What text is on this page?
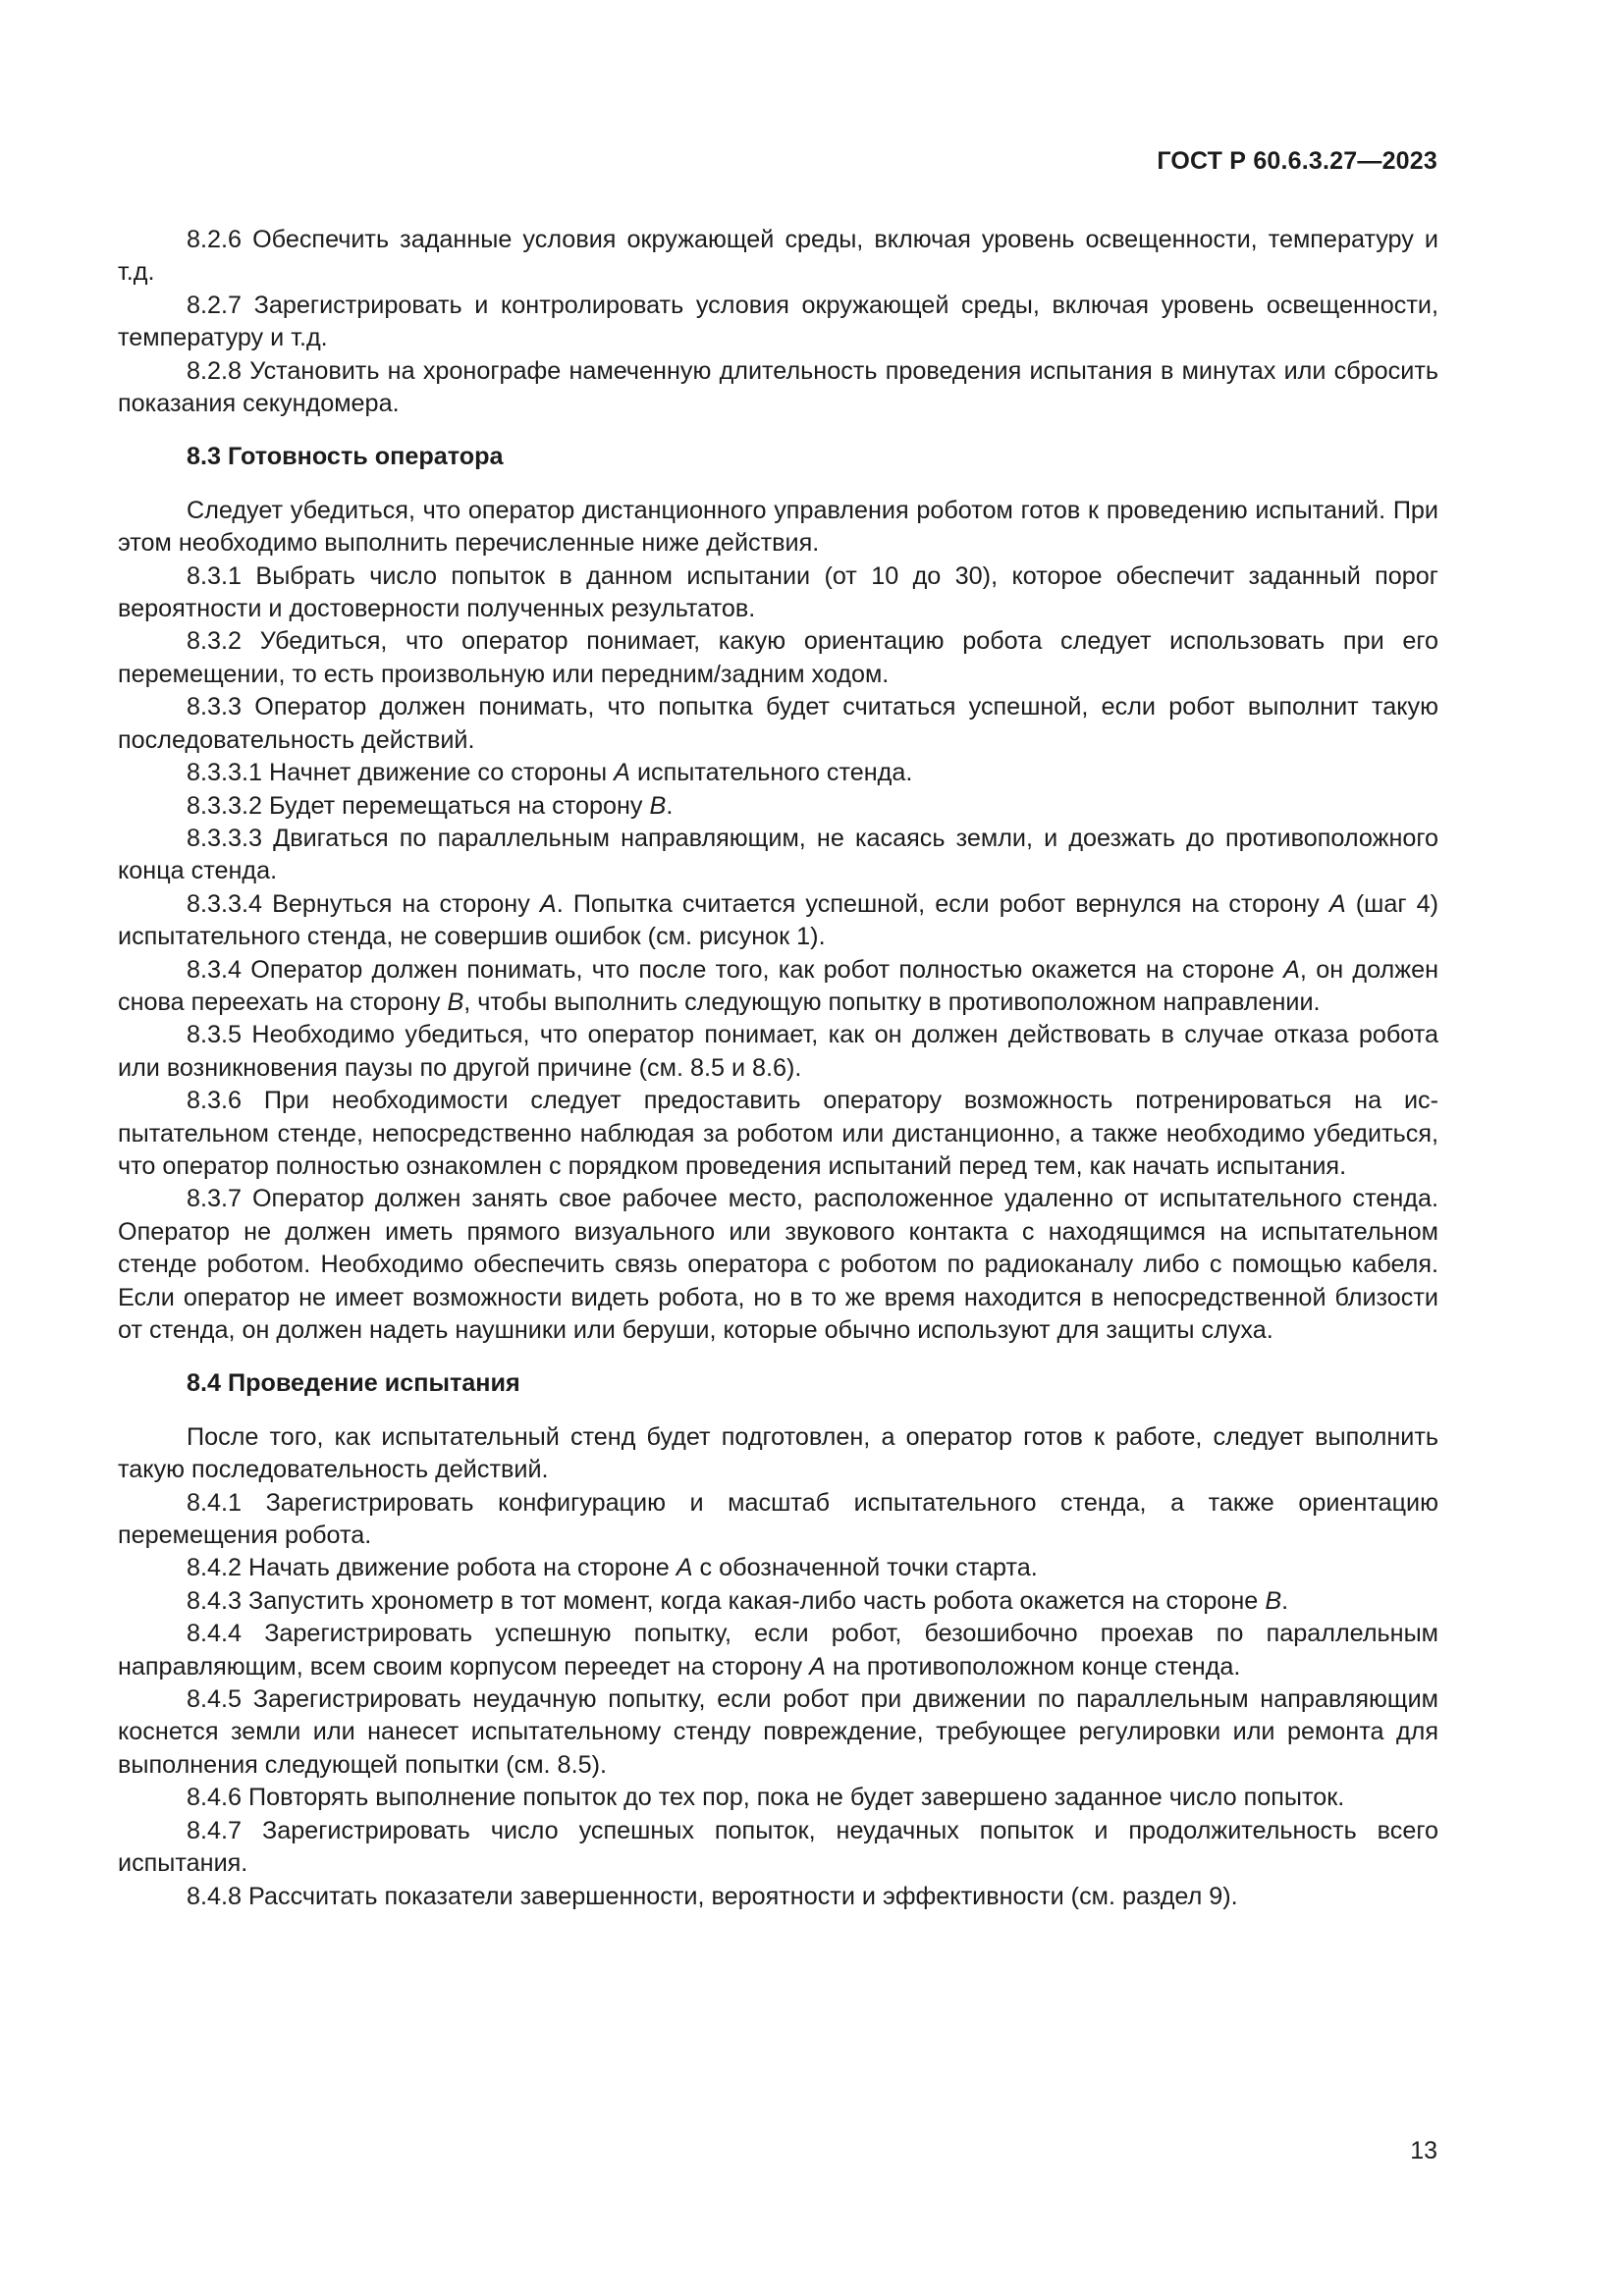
ГОСТ Р 60.6.3.27—2023

8.2.6 Обеспечить заданные условия окружающей среды, включая уровень освещенности, температуру и т.д.

8.2.7 Зарегистрировать и контролировать условия окружающей среды, включая уровень освещенности, температуру и т.д.

8.2.8 Установить на хронографе намеченную длительность проведения испытания в минутах или сбросить показания секундомера.

8.3 Готовность оператора

Следует убедиться, что оператор дистанционного управления роботом готов к проведению испытаний. При этом необходимо выполнить перечисленные ниже действия.

8.3.1 Выбрать число попыток в данном испытании (от 10 до 30), которое обеспечит заданный порог вероятности и достоверности полученных результатов.

8.3.2 Убедиться, что оператор понимает, какую ориентацию робота следует использовать при его перемещении, то есть произвольную или передним/задним ходом.

8.3.3 Оператор должен понимать, что попытка будет считаться успешной, если робот выполнит такую последовательность действий.

8.3.3.1 Начнет движение со стороны А испытательного стенда.

8.3.3.2 Будет перемещаться на сторону В.

8.3.3.3 Двигаться по параллельным направляющим, не касаясь земли, и доезжать до противоположного конца стенда.

8.3.3.4 Вернуться на сторону А. Попытка считается успешной, если робот вернулся на сторону А (шаг 4) испытательного стенда, не совершив ошибок (см. рисунок 1).

8.3.4 Оператор должен понимать, что после того, как робот полностью окажется на стороне А, он должен снова переехать на сторону В, чтобы выполнить следующую попытку в противоположном направлении.

8.3.5 Необходимо убедиться, что оператор понимает, как он должен действовать в случае отказа робота или возникновения паузы по другой причине (см. 8.5 и 8.6).

8.3.6 При необходимости следует предоставить оператору возможность потренироваться на испытательном стенде, непосредственно наблюдая за роботом или дистанционно, а также необходимо убедиться, что оператор полностью ознакомлен с порядком проведения испытаний перед тем, как начать испытания.

8.3.7 Оператор должен занять свое рабочее место, расположенное удаленно от испытательного стенда. Оператор не должен иметь прямого визуального или звукового контакта с находящимся на испытательном стенде роботом. Необходимо обеспечить связь оператора с роботом по радиоканалу либо с помощью кабеля. Если оператор не имеет возможности видеть робота, но в то же время находится в непосредственной близости от стенда, он должен надеть наушники или беруши, которые обычно используют для защиты слуха.

8.4 Проведение испытания

После того, как испытательный стенд будет подготовлен, а оператор готов к работе, следует выполнить такую последовательность действий.

8.4.1 Зарегистрировать конфигурацию и масштаб испытательного стенда, а также ориентацию перемещения робота.

8.4.2 Начать движение робота на стороне А с обозначенной точки старта.

8.4.3 Запустить хронометр в тот момент, когда какая-либо часть робота окажется на стороне В.

8.4.4 Зарегистрировать успешную попытку, если робот, безошибочно проехав по параллельным направляющим, всем своим корпусом переедет на сторону А на противоположном конце стенда.

8.4.5 Зарегистрировать неудачную попытку, если робот при движении по параллельным направляющим коснется земли или нанесет испытательному стенду повреждение, требующее регулировки или ремонта для выполнения следующей попытки (см. 8.5).

8.4.6 Повторять выполнение попыток до тех пор, пока не будет завершено заданное число попыток.

8.4.7 Зарегистрировать число успешных попыток, неудачных попыток и продолжительность всего испытания.

8.4.8 Рассчитать показатели завершенности, вероятности и эффективности (см. раздел 9).

13
